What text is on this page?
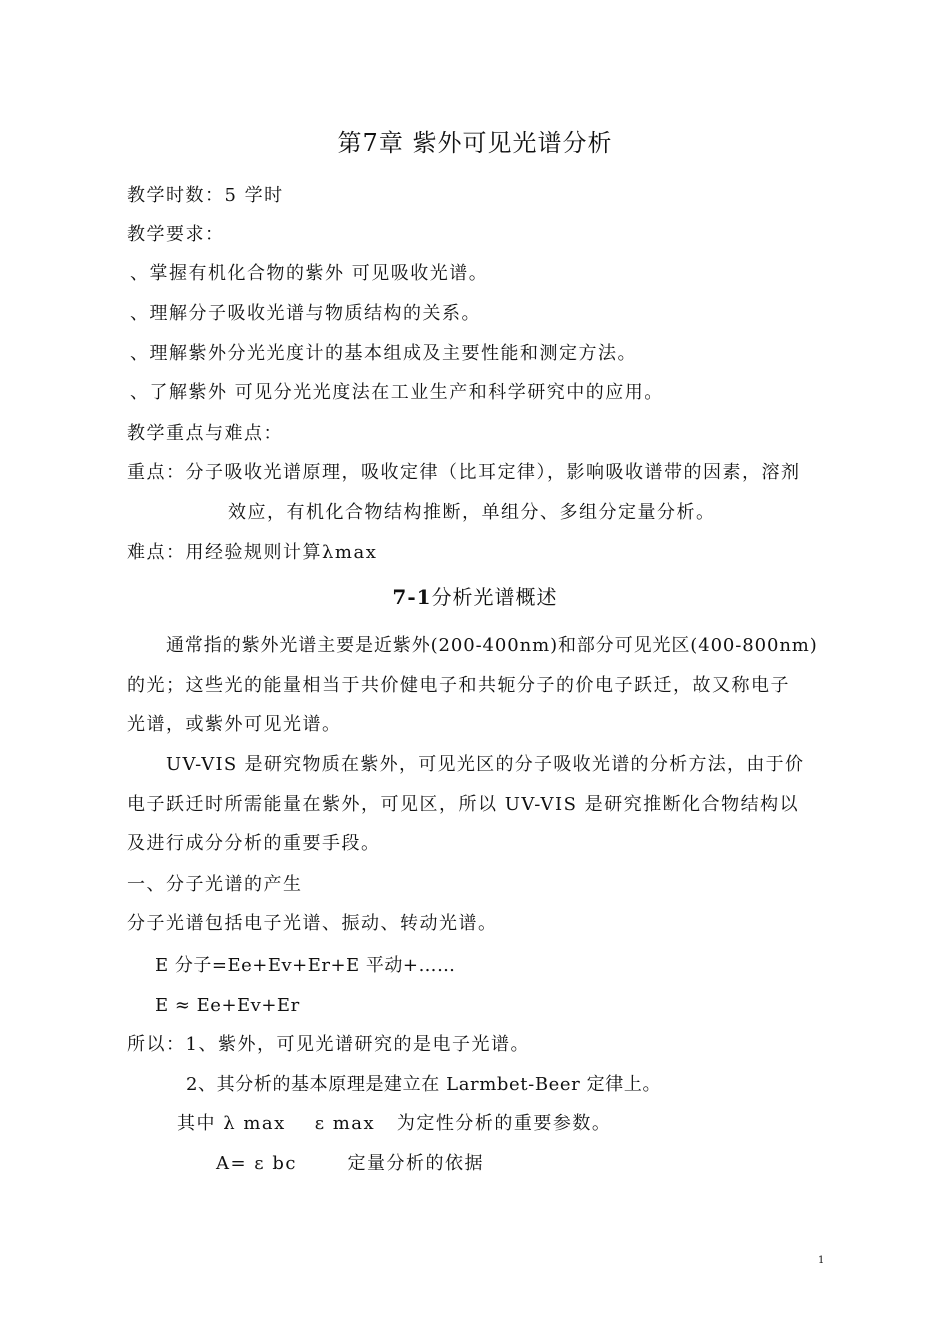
第7章 紫外可见光谱分析
教学时数：5 学时
教学要求：
、掌握有机化合物的紫外 可见吸收光谱。
、理解分子吸收光谱与物质结构的关系。
、理解紫外分光光度计的基本组成及主要性能和测定方法。
、了解紫外 可见分光光度法在工业生产和科学研究中的应用。
教学重点与难点：
重点：分子吸收光谱原理，吸收定律（比耳定律），影响吸收谱带的因素，溶剂
效应，有机化合物结构推断，单组分、多组分定量分析。
难点：用经验规则计算λmax
7-1分析光谱概述
通常指的紫外光谱主要是近紫外(200-400nm)和部分可见光区(400-800nm)
的光；这些光的能量相当于共价健电子和共轭分子的价电子跃迁，故又称电子
光谱，或紫外可见光谱。
UV-VIS 是研究物质在紫外，可见光区的分子吸收光谱的分析方法，由于价
电子跃迁时所需能量在紫外，可见区，所以 UV-VIS 是研究推断化合物结构以
及进行成分分析的重要手段。
一、分子光谱的产生
分子光谱包括电子光谱、振动、转动光谱。
E 分子=Ee+Ev+Er+E 平动+……
E ≈ Ee+Ev+Er
所以：1、紫外，可见光谱研究的是电子光谱。
2、其分析的基本原理是建立在 Larmbet-Beer 定律上。
其中 λ max    ε max   为定性分析的重要参数。
A= ε bc       定量分析的依据
1
